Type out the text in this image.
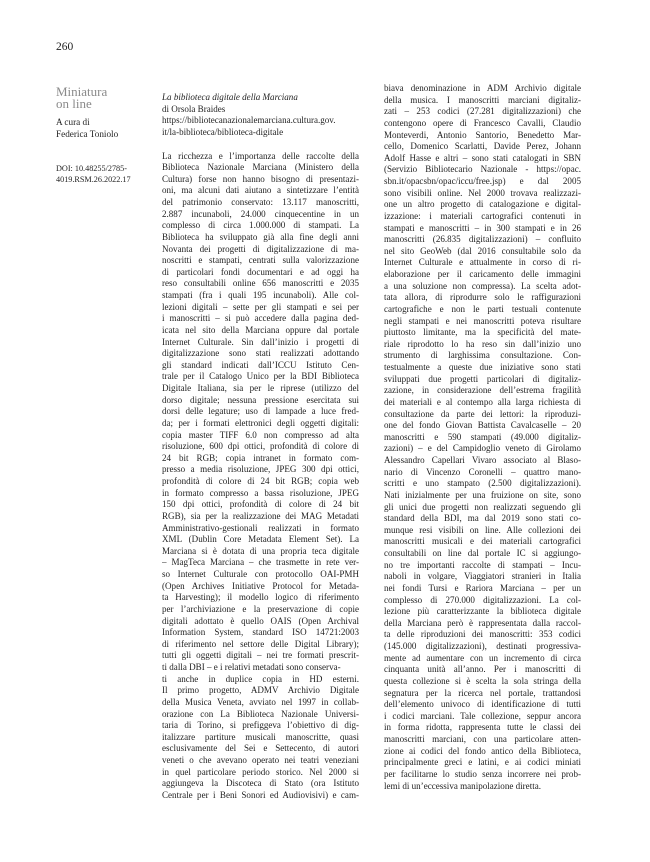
260
Miniatura
on line
A cura di
Federica Toniolo
DOI: 10.48255/2785-
4019.RSM.26.2022.17
La biblioteca digitale della Marciana
di Orsola Braides
https://bibliotecanazionalemarciana.cultura.gov.
it/la-biblioteca/biblioteca-digitale
La ricchezza e l’importanza delle raccolte della
Biblioteca Nazionale Marciana (Ministero della
Cultura) forse non hanno bisogno di presentazi-
oni, ma alcuni dati aiutano a sintetizzare l’entità
del patrimonio conservato: 13.117 manoscritti,
2.887 incunaboli, 24.000 cinquecentine in un
complesso di circa 1.000.000 di stampati. La
Biblioteca ha sviluppato già alla fine degli anni
Novanta dei progetti di digitalizzazione di ma-
noscritti e stampati, centrati sulla valorizzazione
di particolari fondi documentari e ad oggi ha
reso consultabili online 656 manoscritti e 2035
stampati (fra i quali 195 incunaboli). Alle col-
lezioni digitali – sette per gli stampati e sei per
i manoscritti – si può accedere dalla pagina ded-
icata nel sito della Marciana oppure dal portale
Internet Culturale. Sin dall’inizio i progetti di
digitalizzazione sono stati realizzati adottando
gli standard indicati dall’ICCU Istituto Cen-
trale per il Catalogo Unico per la BDI Biblioteca
Digitale Italiana, sia per le riprese (utilizzo del
dorso digitale; nessuna pressione esercitata sui
dorsi delle legature; uso di lampade a luce fred-
da; per i formati elettronici degli oggetti digitali:
copia master TIFF 6.0 non compresso ad alta
risoluzione, 600 dpi ottici, profondità di colore di
24 bit RGB; copia intranet in formato com-
presso a media risoluzione, JPEG 300 dpi ottici,
profondità di colore di 24 bit RGB; copia web
in formato compresso a bassa risoluzione, JPEG
150 dpi ottici, profondità di colore di 24 bit
RGB), sia per la realizzazione dei MAG Metadati
Amministrativo-gestionali realizzati in formato
XML (Dublin Core Metadata Element Set). La
Marciana si è dotata di una propria teca digitale
– MagTeca Marciana – che trasmette in rete ver-
so Internet Culturale con protocollo OAI-PMH
(Open Archives Initiative Protocol for Metada-
ta Harvesting); il modello logico di riferimento
per l’archiviazione e la preservazione di copie
digitali adottato è quello OAIS (Open Archival
Information System, standard ISO 14721:2003
di riferimento nel settore delle Digital Library);
tutti gli oggetti digitali – nei tre formati prescrit-
ti dalla DBI – e i relativi metadati sono conserva-
ti anche in duplice copia in HD esterni.
Il primo progetto, ADMV Archivio Digitale
della Musica Veneta, avviato nel 1997 in collab-
orazione con La Biblioteca Nazionale Universi-
taria di Torino, si prefiggeva l’obiettivo di dig-
italizzare partiture musicali manoscritte, quasi
esclusivamente del Sei e Settecento, di autori
veneti o che avevano operato nei teatri veneziani
in quel particolare periodo storico. Nel 2000 si
aggiungeva la Discoteca di Stato (ora Istituto
Centrale per i Beni Sonori ed Audiovisivi) e cam-
biava denominazione in ADM Archivio digitale
della musica. I manoscritti marciani digitaliz-
zati – 253 codici (27.281 digitalizzazioni) che
contengono opere di Francesco Cavalli, Claudio
Monteverdi, Antonio Santorio, Benedetto Mar-
cello, Domenico Scarlatti, Davide Perez, Johann
Adolf Hasse e altri – sono stati catalogati in SBN
(Servizio Bibliotecario Nazionale - https://opac.
sbn.it/opacsbn/opac/iccu/free.jsp) e dal 2005
sono visibili online. Nel 2000 trovava realizzazi-
one un altro progetto di catalogazione e digital-
izzazione: i materiali cartografici contenuti in
stampati e manoscritti – in 300 stampati e in 26
manoscritti (26.835 digitalizzazioni) – confluito
nel sito GeoWeb (dal 2016 consultabile solo da
Internet Culturale e attualmente in corso di ri-
elaborazione per il caricamento delle immagini
a una soluzione non compressa). La scelta adot-
tata allora, di riprodurre solo le raffigurazioni
cartografiche e non le parti testuali contenute
negli stampati e nei manoscritti poteva risultare
piuttosto limitante, ma la specificità del mate-
riale riprodotto lo ha reso sin dall’inizio uno
strumento di larghissima consultazione. Con-
testualmente a queste due iniziative sono stati
sviluppati due progetti particolari di digitaliz-
zazione, in considerazione dell’estrema fragilità
dei materiali e al contempo alla larga richiesta di
consultazione da parte dei lettori: la riproduzi-
one del fondo Giovan Battista Cavalcaselle – 20
manoscritti e 590 stampati (49.000 digitaliz-
zazioni) – e del Campidoglio veneto di Girolamo
Alessandro Capellari Vivaro associato al Blaso-
nario di Vincenzo Coronelli – quattro mano-
scritti e uno stampato (2.500 digitalizzazioni).
Nati inizialmente per una fruizione on site, sono
gli unici due progetti non realizzati seguendo gli
standard della BDI, ma dal 2019 sono stati co-
munque resi visibili on line. Alle collezioni dei
manoscritti musicali e dei materiali cartografici
consultabili on line dal portale IC si aggiungo-
no tre importanti raccolte di stampati – Incu-
naboli in volgare, Viaggiatori stranieri in Italia
nei fondi Tursi e Rariora Marciana – per un
complesso di 270.000 digitalizzazioni. La col-
lezione più caratterizzante la biblioteca digitale
della Marciana però è rappresentata dalla raccol-
ta delle riproduzioni dei manoscritti: 353 codici
(145.000 digitalizzazioni), destinati progressiva-
mente ad aumentare con un incremento di circa
cinquanta unità all’anno. Per i manoscritti di
questa collezione si è scelta la sola stringa della
segnatura per la ricerca nel portale, trattandosi
dell’elemento univoco di identificazione di tutti
i codici marciani. Tale collezione, seppur ancora
in forma ridotta, rappresenta tutte le classi dei
manoscritti marciani, con una particolare atten-
zione ai codici del fondo antico della Biblioteca,
principalmente greci e latini, e ai codici miniati
per facilitarne lo studio senza incorrere nei prob-
lemi di un’eccessiva manipolazione diretta.
